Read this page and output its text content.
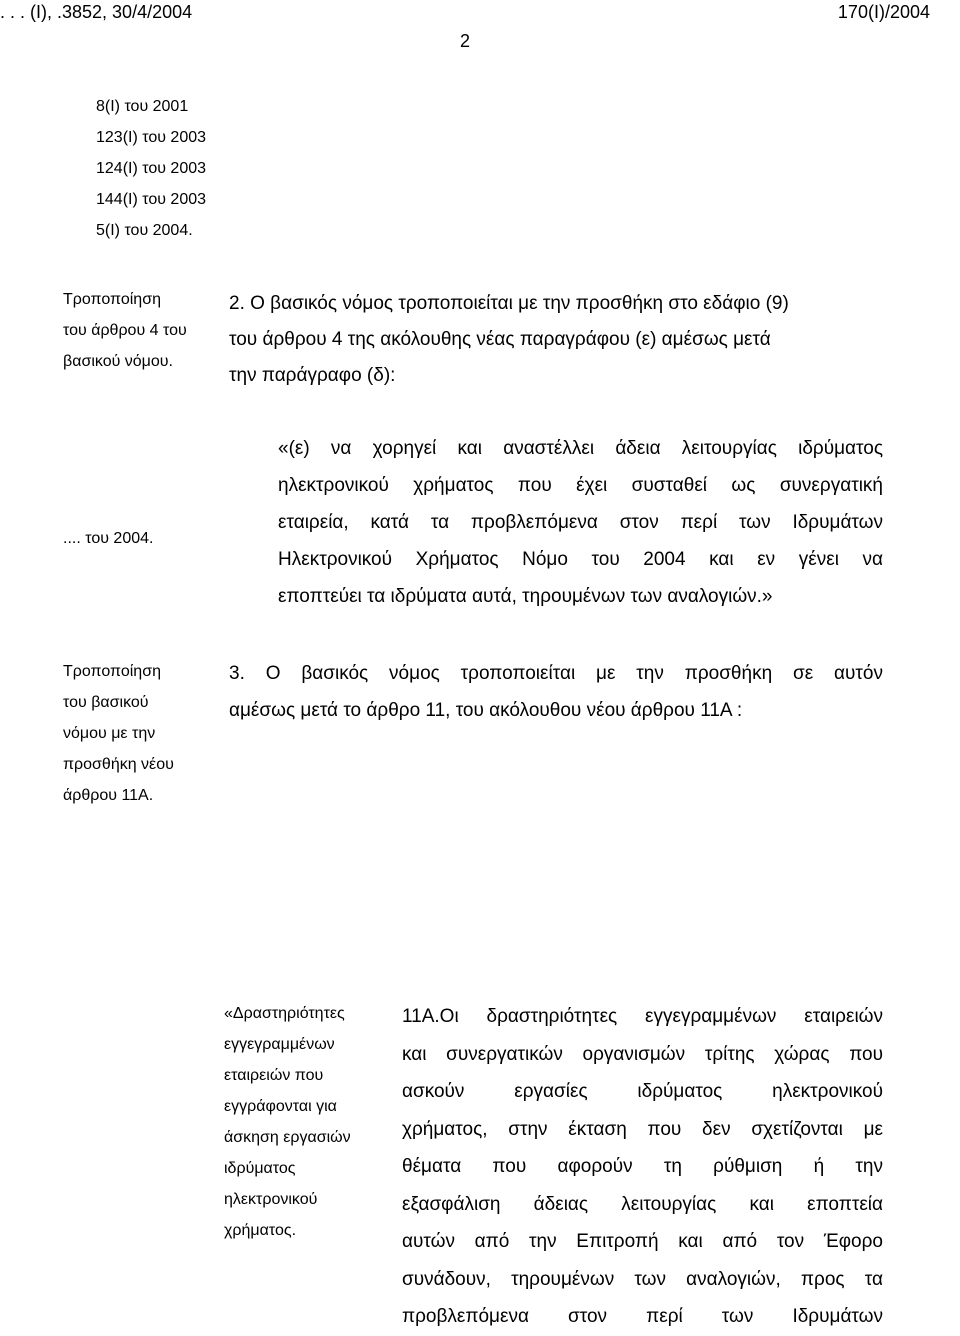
. . . (I), .3852, 30/4/2004	170(I)/2004
2
8(I) του 2001
123(I) του 2003
124(I) του 2003
144(I) του 2003
5(I) του 2004.
Τροποποίηση
του άρθρου 4 του
βασικού νόμου.
2. Ο βασικός νόμος τροποποιείται με την προσθήκη στο εδάφιο (9)
του άρθρου 4 της ακόλουθης νέας παραγράφου (ε) αμέσως μετά
την παράγραφο (δ):
.... του 2004.
«(ε) να χορηγεί και αναστέλλει άδεια λειτουργίας ιδρύματος
ηλεκτρονικού χρήματος που έχει συσταθεί ως συνεργατική
εταιρεία, κατά τα προβλεπόμενα στον περί των Ιδρυμάτων
Ηλεκτρονικού Χρήματος Νόμο του 2004 και εν γένει να
εποπτεύει τα ιδρύματα αυτά, τηρουμένων των αναλογιών.»
Τροποποίηση
του βασικού
νόμου με την
προσθήκη νέου
άρθρου 11Α.
3. Ο βασικός νόμος τροποποιείται με την προσθήκη σε αυτόν
αμέσως μετά το άρθρο 11, του ακόλουθου νέου άρθρου 11Α :
«Δραστηριότητες
εγγεγραμμένων
εταιρειών που
εγγράφονται για
άσκηση εργασιών
ιδρύματος
ηλεκτρονικού
χρήματος.
11Α.Οι δραστηριότητες εγγεγραμμένων εταιρειών
και συνεργατικών οργανισμών τρίτης χώρας που
ασκούν εργασίες ιδρύματος ηλεκτρονικού
χρήματος, στην έκταση που δεν σχετίζονται με
θέματα που αφορούν τη ρύθμιση ή την
εξασφάλιση άδειας λειτουργίας και εποπτεία
αυτών από την Επιτροπή και από τον Έφορο
συνάδουν, τηρουμένων των αναλογιών, προς τα
προβλεπόμενα στον περί των Ιδρυμάτων
